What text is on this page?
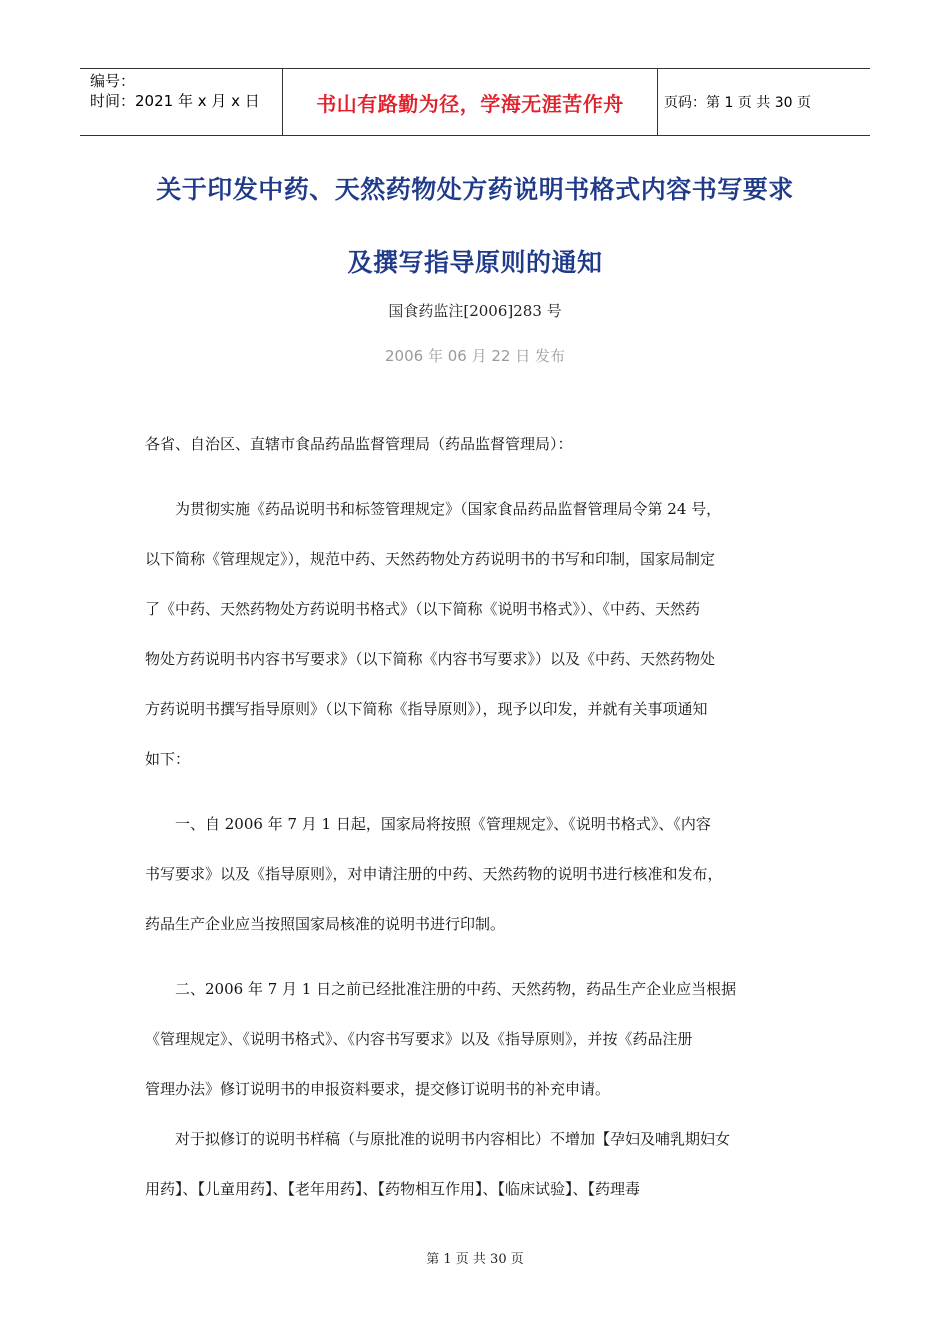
编号：
时间：2021 年 x 月 x 日	书山有路勤为径，学海无涯苦作舟	页码：第 1 页 共 30 页
关于印发中药、天然药物处方药说明书格式内容书写要求
及撰写指导原则的通知
国食药监注[2006]283 号
2006 年 06 月 22 日 发布
各省、自治区、直辖市食品药品监督管理局（药品监督管理局）：
　　为贯彻实施《药品说明书和标签管理规定》（国家食品药品监督管理局令第 24 号，
以下简称《管理规定》），规范中药、天然药物处方药说明书的书写和印制，国家局制定
了《中药、天然药物处方药说明书格式》（以下简称《说明书格式》）、《中药、天然药
物处方药说明书内容书写要求》（以下简称《内容书写要求》）以及《中药、天然药物处
方药说明书撰写指导原则》（以下简称《指导原则》），现予以印发，并就有关事项通知
如下：
　　一、自 2006 年 7 月 1 日起，国家局将按照《管理规定》、《说明书格式》、《内容
书写要求》以及《指导原则》，对申请注册的中药、天然药物的说明书进行核准和发布，
药品生产企业应当按照国家局核准的说明书进行印制。
　　二、2006 年 7 月 1 日之前已经批准注册的中药、天然药物，药品生产企业应当根据
《管理规定》、《说明书格式》、《内容书写要求》以及《指导原则》，并按《药品注册
管理办法》修订说明书的申报资料要求，提交修订说明书的补充申请。
　　对于拟修订的说明书样稿（与原批准的说明书内容相比）不增加【孕妇及哺乳期妇女
用药】、【儿童用药】、【老年用药】、【药物相互作用】、【临床试验】、【药理毒
第 1 页 共 30 页
